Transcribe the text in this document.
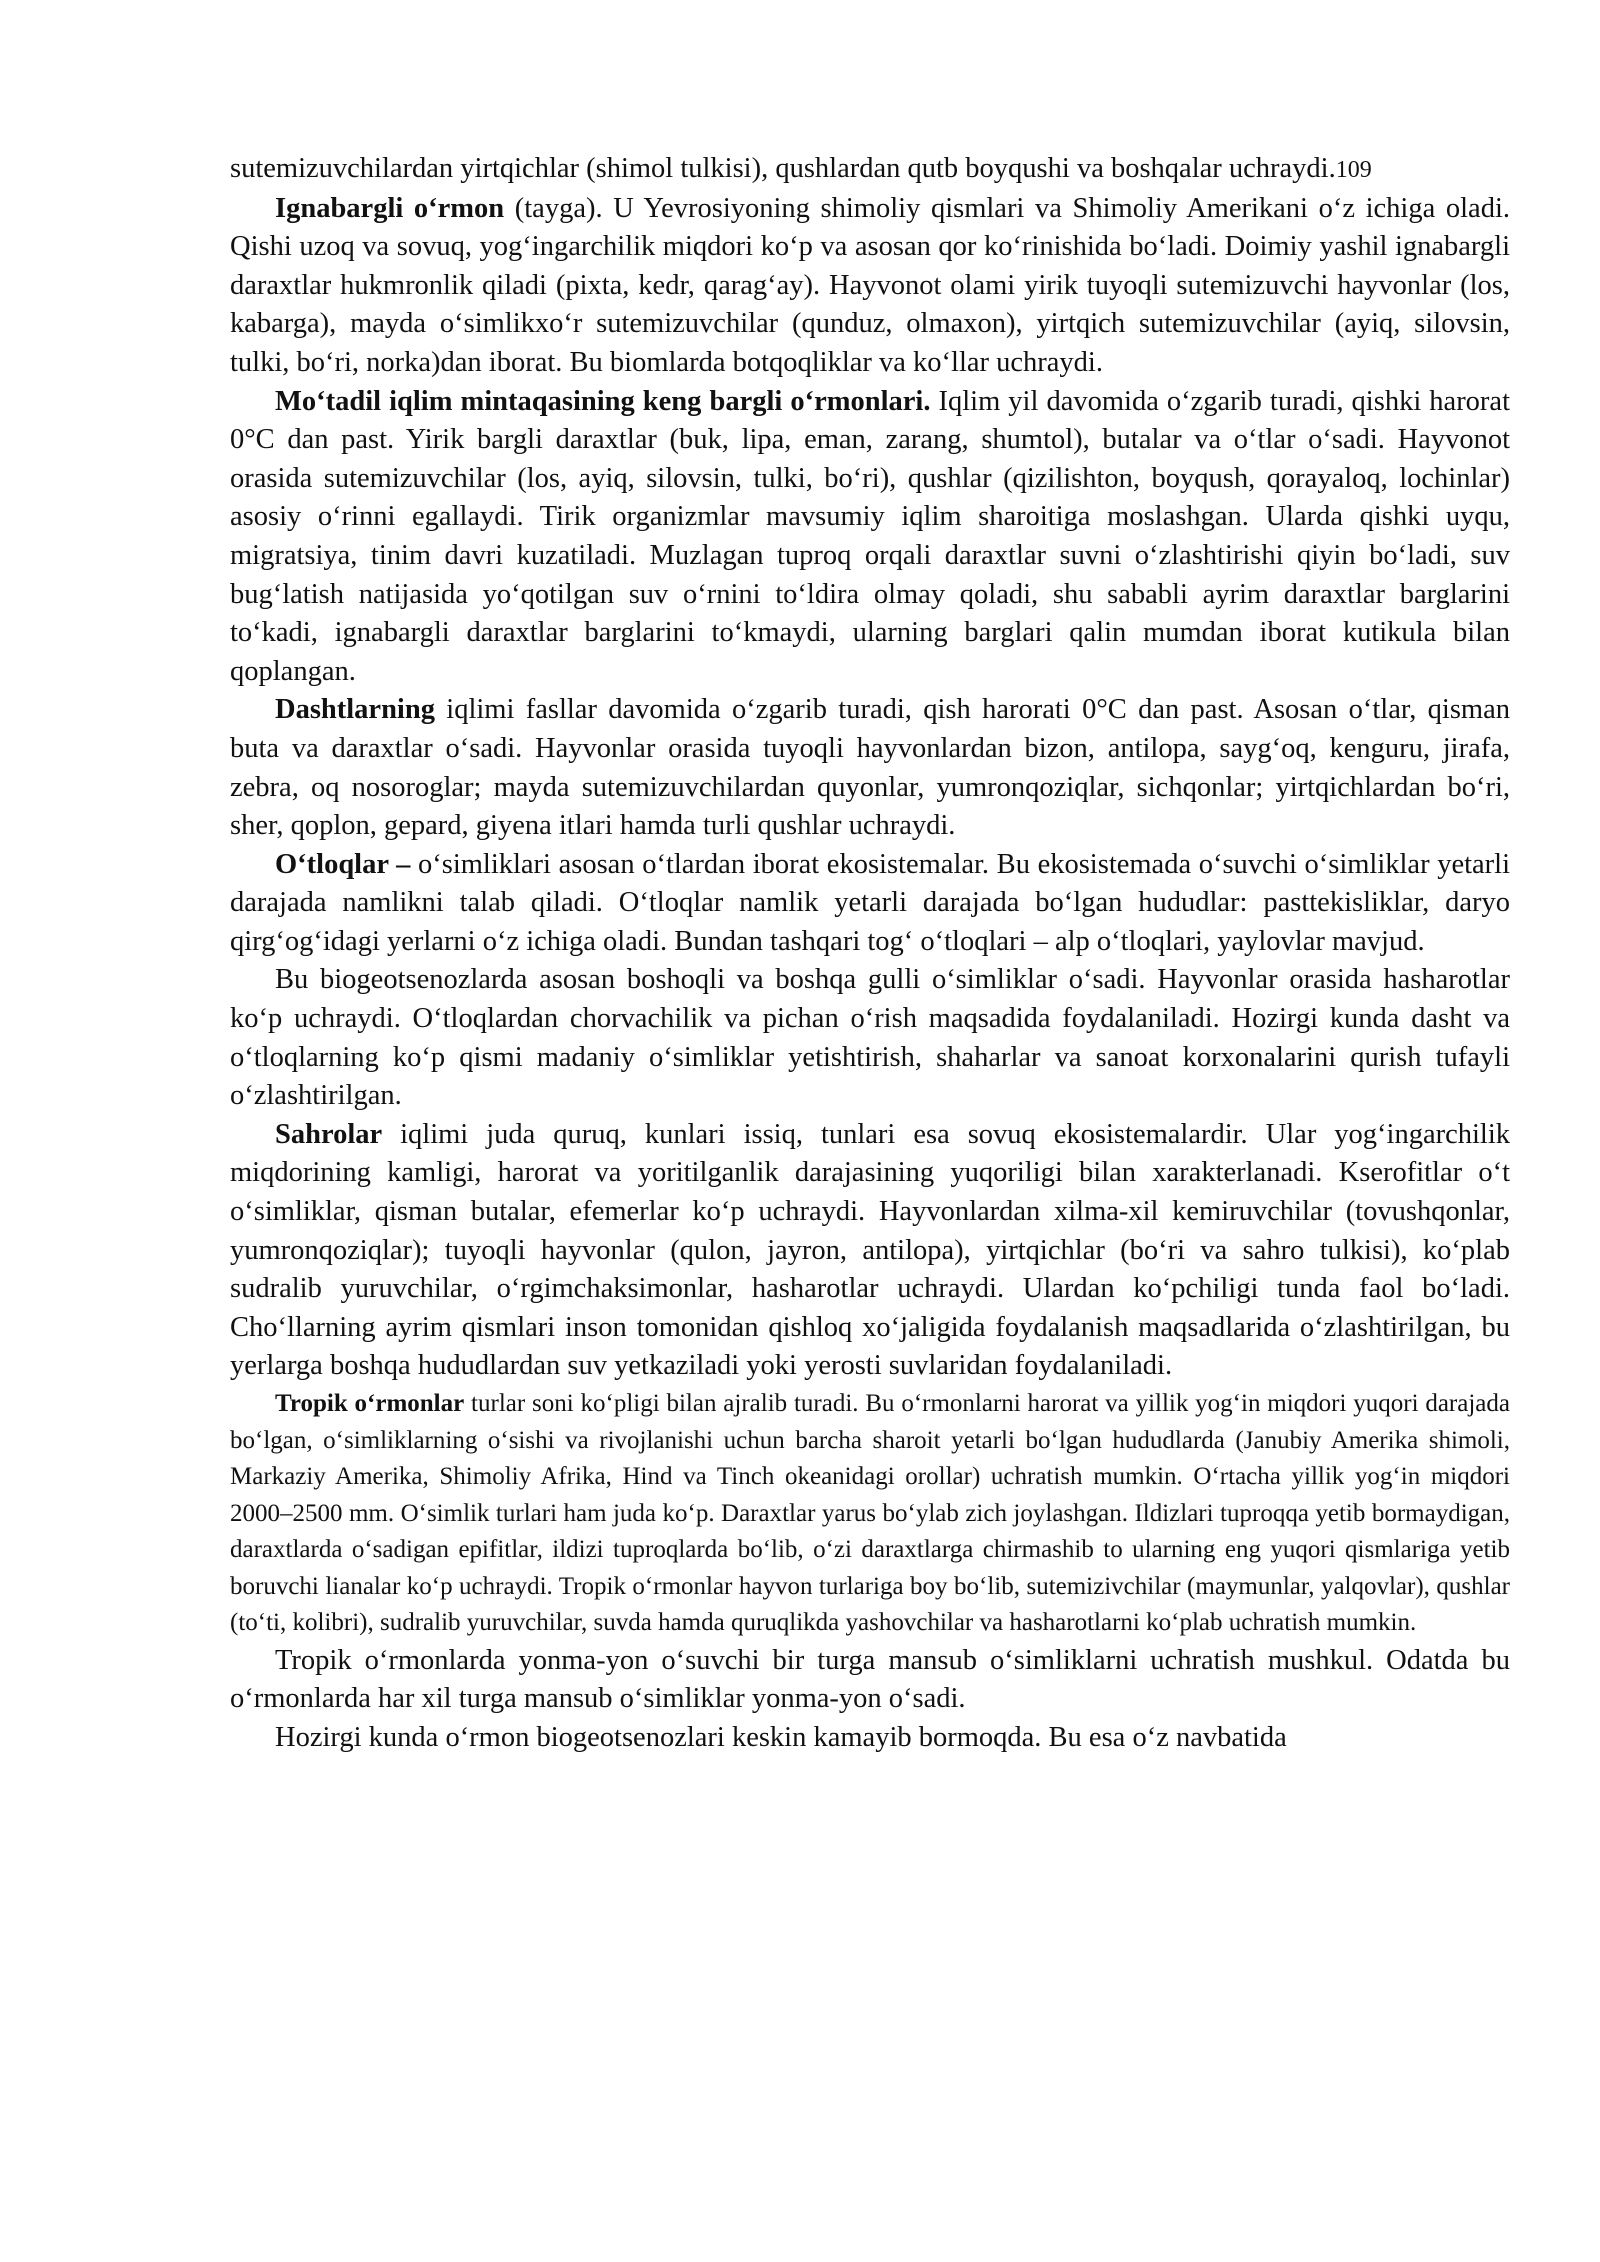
sutemizuvchilardan yirtqichlar (shimol tulkisi), qushlardan qutb boyqushi va boshqalar uchraydi.109

Ignabargli o‘rmon (tayga). U Yevrosiyoning shimoliy qismlari va Shimoliy Amerikani o‘z ichiga oladi. Qishi uzoq va sovuq, yog‘ingarchilik miqdori ko‘p va asosan qor ko‘rinishida bo‘ladi. Doimiy yashil ignabargli daraxtlar hukmronlik qiladi (pixta, kedr, qarag‘ay). Hayvonot olami yirik tuyoqli sutemizuvchi hayvonlar (los, kabarga), mayda o‘simlikxo‘r sutemizuvchilar (qunduz, olmaxon), yirtqich sutemizuvchilar (ayiq, silovsin, tulki, bo‘ri, norka)dan iborat. Bu biomlarda botqoqliklar va ko‘llar uchraydi.

Mo‘tadil iqlim mintaqasining keng bargli o‘rmonlari. Iqlim yil davomida o‘zgarib turadi, qishki harorat 0°C dan past. Yirik bargli daraxtlar (buk, lipa, eman, zarang, shumtol), butalar va o‘tlar o‘sadi. Hayvonot orasida sutemizuvchilar (los, ayiq, silovsin, tulki, bo‘ri), qushlar (qizilishton, boyqush, qorayaloq, lochinlar) asosiy o‘rinni egallaydi. Tirik organizmlar mavsumiy iqlim sharoitiga moslashgan. Ularda qishki uyqu, migratsiya, tinim davri kuzatiladi. Muzlagan tuproq orqali daraxtlar suvni o‘zlashtirishi qiyin bo‘ladi, suv bug‘latish natijasida yo‘qotilgan suv o‘rnini to‘ldira olmay qoladi, shu sababli ayrim daraxtlar barglarini to‘kadi, ignabargli daraxtlar barglarini to‘kmaydi, ularning barglari qalin mumdan iborat kutikula bilan qoplangan.

Dashtlarning iqlimi fasllar davomida o‘zgarib turadi, qish harorati 0°C dan past. Asosan o‘tlar, qisman buta va daraxtlar o‘sadi. Hayvonlar orasida tuyoqli hayvonlardan bizon, antilopa, sayg‘oq, kenguru, jirafa, zebra, oq nosoroglar; mayda sutemizuvchilardan quyonlar, yumronqoziqlar, sichqonlar; yirtqichlardan bo‘ri, sher, qoplon, gepard, giyena itlari hamda turli qushlar uchraydi.

O‘tloqlar – o‘simliklari asosan o‘tlardan iborat ekosistemalar. Bu ekosistemada o‘suvchi o‘simliklar yetarli darajada namlikni talab qiladi. O‘tloqlar namlik yetarli darajada bo‘lgan hududlar: pasttekisliklar, daryo qirg‘og‘idagi yerlarni o‘z ichiga oladi. Bundan tashqari tog‘ o‘tloqlari – alp o‘tloqlari, yaylovlar mavjud.

Bu biogeotsenozlarda asosan boshoqli va boshqa gulli o‘simliklar o‘sadi. Hayvonlar orasida hasharotlar ko‘p uchraydi. O‘tloqlardan chorvachilik va pichan o‘rish maqsadida foydalaniladi. Hozirgi kunda dasht va o‘tloqlarning ko‘p qismi madaniy o‘simliklar yetishtirish, shaharlar va sanoat korxonalarini qurish tufayli o‘zlashtirilgan.

Sahrolar iqlimi juda quruq, kunlari issiq, tunlari esa sovuq ekosistemalardir. Ular yog‘ingarchilik miqdorining kamligi, harorat va yoritilganlik darajasining yuqoriligi bilan xarakterlanadi. Kserofitlar o‘t o‘simliklar, qisman butalar, efemerlar ko‘p uchraydi. Hayvonlardan xilma-xil kemiruvchilar (tovushqonlar, yumronqoziqlar); tuyoqli hayvonlar (qulon, jayron, antilopa), yirtqichlar (bo‘ri va sahro tulkisi), ko‘plab sudralib yuruvchilar, o‘rgimchaksimonlar, hasharotlar uchraydi. Ulardan ko‘pchiligi tunda faol bo‘ladi. Cho‘llarning ayrim qismlari inson tomonidan qishloq xo‘jaligida foydalanish maqsadlarida o‘zlashtirilgan, bu yerlarga boshqa hududlardan suv yetkaziladi yoki yerosti suvlaridan foydalaniladi.

Tropik o‘rmonlar turlar soni ko‘pligi bilan ajralib turadi. Bu o‘rmonlarni harorat va yillik yog‘in miqdori yuqori darajada bo‘lgan, o‘simliklarning o‘sishi va rivojlanishi uchun barcha sharoit yetarli bo‘lgan hududlarda (Janubiy Amerika shimoli, Markaziy Amerika, Shimoliy Afrika, Hind va Tinch okeanidagi orollar) uchratish mumkin. O‘rtacha yillik yog‘in miqdori 2000–2500 mm. O‘simlik turlari ham juda ko‘p. Daraxtlar yarus bo‘ylab zich joylashgan. Ildizlari tuproqqa yetib bormaydigan, daraxtlarda o‘sadigan epifitlar, ildizi tuproqlarda bo‘lib, o‘zi daraxtlarga chirmashib to ularning eng yuqori qismlariga yetib boruvchi lianalar ko‘p uchraydi. Tropik o‘rmonlar hayvon turlariga boy bo‘lib, sutemizivchilar (maymunlar, yalqovlar), qushlar (to‘ti, kolibri), sudralib yuruvchilar, suvda hamda quruqlikda yashovchilar va hasharotlarni ko‘plab uchratish mumkin.

Tropik o‘rmonlarda yonma-yon o‘suvchi bir turga mansub o‘simliklarni uchratish mushkul. Odatda bu o‘rmonlarda har xil turga mansub o‘simliklar yonma-yon o‘sadi.

Hozirgi kunda o‘rmon biogeotsenozlari keskin kamayib bormoqda. Bu esa o‘z navbatida
